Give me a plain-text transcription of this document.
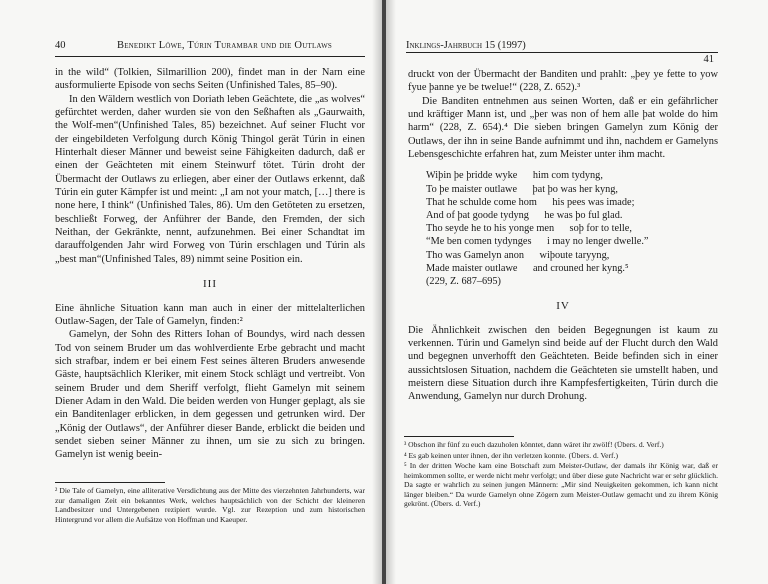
40	Benedikt Löwe, Túrin Turambar und die Outlaws

in the wild“ (Tolkien, Silmarillion 200), findet man in der Narn eine ausformulierte Episode von sechs Seiten (Unfinished Tales, 85–90).

In den Wäldern westlich von Doriath leben Geächtete, die „as wolves“ gefürchtet werden, daher wurden sie von den Seßhaften als „Gaurwaith, the Wolf-men“(Unfinished Tales, 85) bezeichnet. Auf seiner Flucht vor der eingebildeten Verfolgung durch König Thingol gerät Túrin in einen Hinterhalt dieser Männer und beweist seine Fähigkeiten dadurch, daß er einen der Geächteten mit einem Steinwurf tötet. Túrin droht der Übermacht der Outlaws zu erliegen, aber einer der Outlaws erkennt, daß Túrin ein guter Kämpfer ist und meint: „I am not your match, […] there is none here, I think“ (Unfinished Tales, 86). Um den Getöteten zu ersetzen, beschließt Forweg, der Anführer der Bande, den Fremden, der sich Neithan, der Gekränkte, nennt, aufzunehmen. Bei einer Schandtat im darauffolgenden Jahr wird Forweg von Túrin erschlagen und Túrin als „best man“(Unfinished Tales, 89) nimmt seine Position ein.

III

Eine ähnliche Situation kann man auch in einer der mittelalterlichen Outlaw-Sagen, der Tale of Gamelyn, finden:²

Gamelyn, der Sohn des Ritters Iohan of Boundys, wird nach dessen Tod von seinem Bruder um das wohlverdiente Erbe gebracht und macht sich strafbar, indem er bei einem Fest seines älteren Bruders anwesende Gäste, hauptsächlich Kleriker, mit einem Stock schlägt und vertreibt. Von seinem Bruder und dem Sheriff verfolgt, flieht Gamelyn mit seinem Diener Adam in den Wald. Die beiden werden von Hunger geplagt, als sie ein Banditenlager erblicken, in dem gegessen und getrunken wird. Der „König der Outlaws“, der Anführer dieser Bande, erblickt die beiden und sendet sieben seiner Männer zu ihnen, um sie zu sich zu bringen. Gamelyn ist wenig beein-

² Die Tale of Gamelyn, eine alliterative Versdichtung aus der Mitte des vierzehnten Jahrhunderts, war zur damaligen Zeit ein bekanntes Werk, welches hauptsächlich von der Schicht der kleineren Landbesitzer und Untergebenen rezipiert wurde. Vgl. zur Rezeption und zum historischen Hintergrund vor allem die Aufsätze von Hoffman und Kaeuper.

Inklings-Jahrbuch 15 (1997)
41

druckt von der Übermacht der Banditen und prahlt: „þey ye fette to yow fyue þanne ye be twelue!“ (228, Z. 652).³

Die Banditen entnehmen aus seinen Worten, daß er ein gefährlicher und kräftiger Mann ist, und „þer was non of hem alle þat wolde do him harm“ (228, Z. 654).⁴ Die sieben bringen Gamelyn zum König der Outlaws, der ihn in seine Bande aufnimmt und ihn, nachdem er Gamelyns Lebensgeschichte erfahren hat, zum Meister unter ihm macht.

Wiþin þe þridde wyke      him com tydyng,
To þe maister outlawe      þat þo was her kyng,
That he schulde come hom      his pees was imade;
And of þat goode tydyng      he was þo ful glad.
Tho seyde he to his yonge men      soþ for to telle,
“Me ben comen tydynges      i may no lenger dwelle.”
Tho was Gamelyn anon      wiþoute taryyng,
Made maister outlawe      and crouned her kyng.⁵
(229, Z. 687–695)
IV

Die Ähnlichkeit zwischen den beiden Begegnungen ist kaum zu verkennen. Túrin und Gamelyn sind beide auf der Flucht durch den Wald und begegnen unverhofft den Geächteten. Beide befinden sich in einer aussichtslosen Situation, nachdem die Geächteten sie umstellt haben, und meistern diese Situation durch ihre Kampfesfertigkeiten, Túrin durch die Anwendung, Gamelyn nur durch Drohung.

³ Obschon ihr fünf zu euch dazuholen könntet, dann wäret ihr zwölf! (Übers. d. Verf.)

⁴ Es gab keinen unter ihnen, der ihn verletzen konnte. (Übers. d. Verf.)

⁵ In der dritten Woche kam eine Botschaft zum Meister-Outlaw, der damals ihr König war, daß er heimkommen sollte, er werde nicht mehr verfolgt; und über diese gute Nachricht war er sehr glücklich. Da sagte er wahrlich zu seinen jungen Männern: „Mir sind Neuigkeiten gekommen, ich kann nicht länger bleiben.“ Da wurde Gamelyn ohne Zögern zum Meister-Outlaw gemacht und zu ihrem König gekrönt. (Übers. d. Verf.)
